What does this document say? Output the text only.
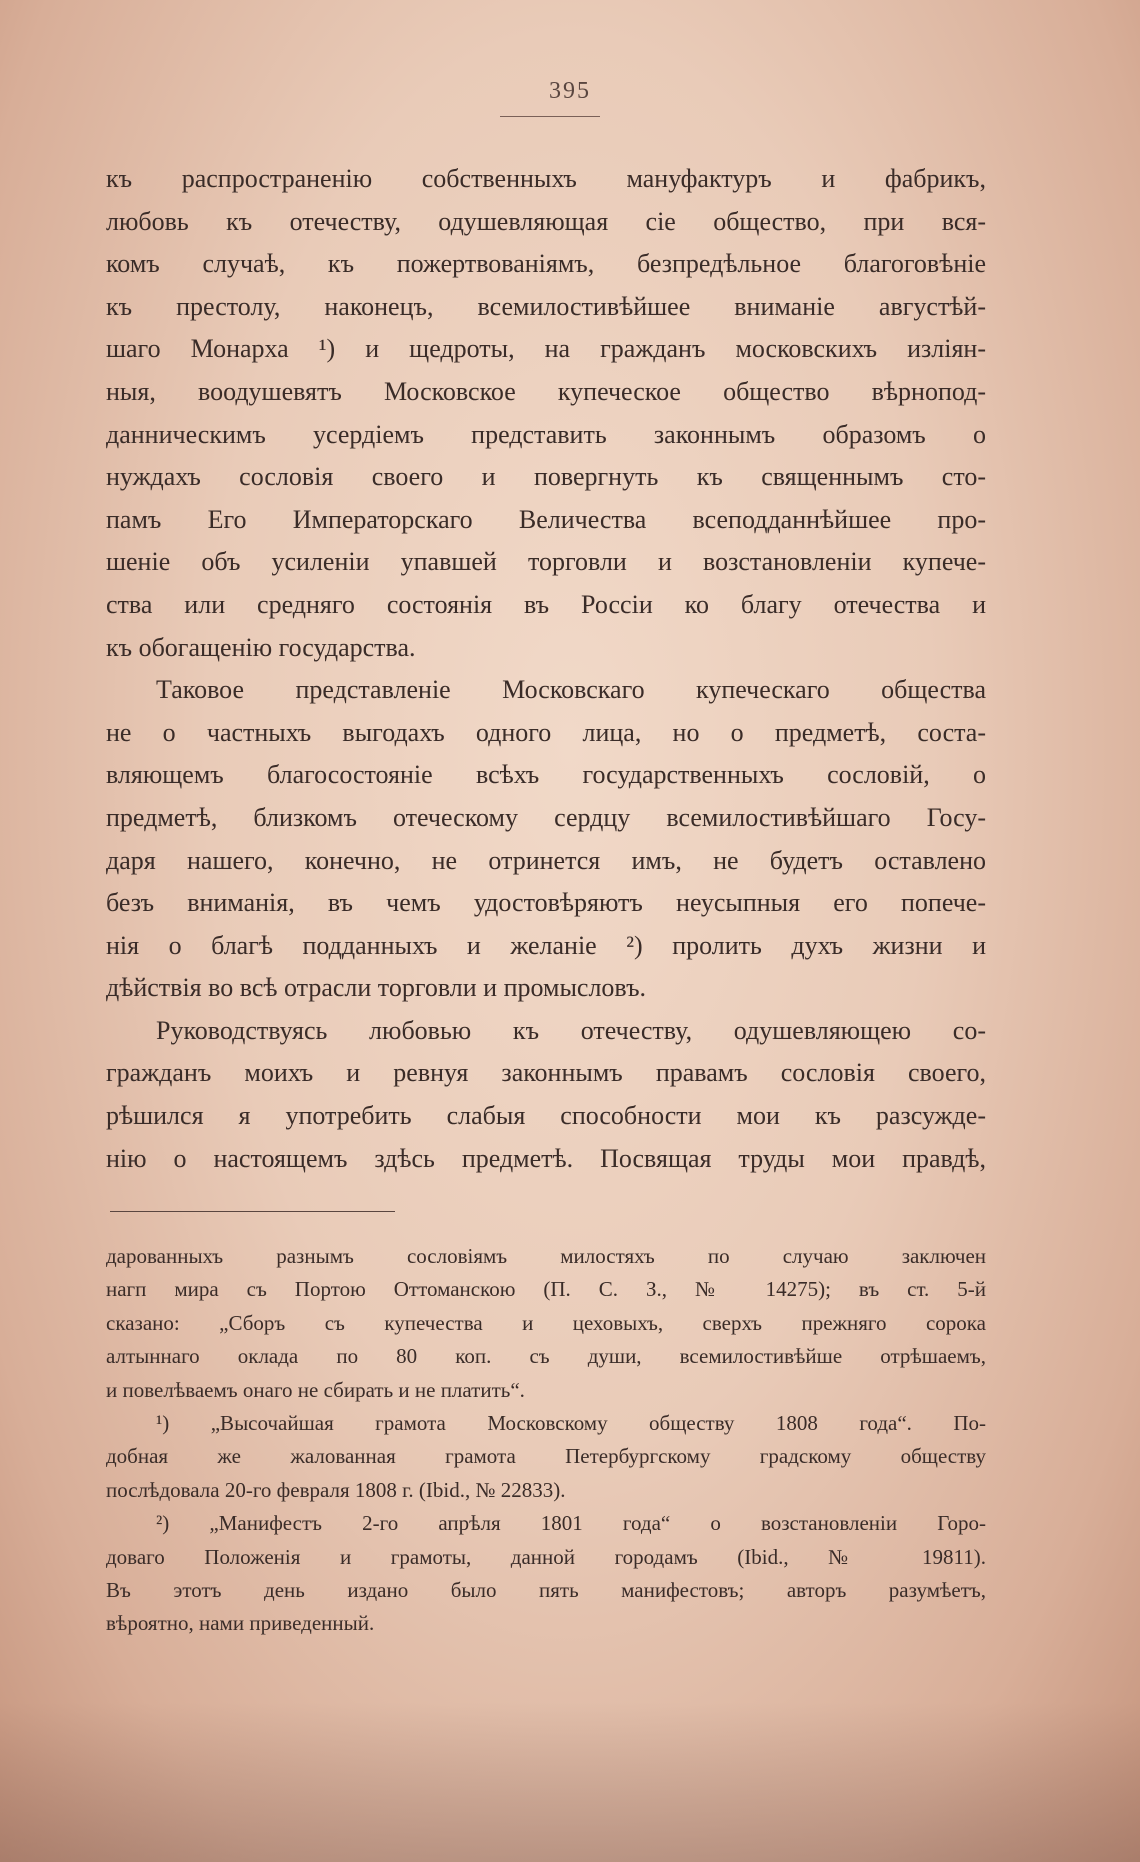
395
къ распространенію собственныхъ мануфактуръ и фабрикъ,
любовь къ отечеству, одушевляющая сіе общество, при вся-
комъ случаѣ, къ пожертвованіямъ, безпредѣльное благоговѣніе
къ престолу, наконецъ, всемилостивѣйшее вниманіе августѣй-
шаго Монарха ¹) и щедроты, на гражданъ московскихъ изліян-
ныя, воодушевятъ Московское купеческое общество вѣрнопод-
данническимъ усердіемъ представить законнымъ образомъ о
нуждахъ сословія своего и повергнуть къ священнымъ сто-
памъ Его Императорскаго Величества всеподданнѣйшее про-
шеніе объ усиленіи упавшей торговли и возстановленіи купече-
ства или средняго состоянія въ Россіи ко благу отечества и
къ обогащенію государства.
Таковое представленіе Московскаго купеческаго общества
не о частныхъ выгодахъ одного лица, но о предметѣ, соста-
вляющемъ благосостояніе всѣхъ государственныхъ сословій, о
предметѣ, близкомъ отеческому сердцу всемилостивѣйшаго Госу-
даря нашего, конечно, не отринется имъ, не будетъ оставлено
безъ вниманія, въ чемъ удостовѣряютъ неусыпныя его попече-
нія о благѣ подданныхъ и желаніе ²) пролить духъ жизни и
дѣйствія во всѣ отрасли торговли и промысловъ.
Руководствуясь любовью къ отечеству, одушевляющею со-
гражданъ моихъ и ревнуя законнымъ правамъ сословія своего,
рѣшился я употребить слабыя способности мои къ разсужде-
нію о настоящемъ здѣсь предметѣ. Посвящая труды мои правдѣ,
дарованныхъ разнымъ сословіямъ милостяхъ по случаю заключен
нагп мира съ Портою Оттоманскою (П. С. З., № 14275); въ ст. 5-й
сказано: „Сборъ съ купечества и цеховыхъ, сверхъ прежняго сорока
алтыннаго оклада по 80 коп. съ души, всемилостивѣйше отрѣшаемъ,
и повелѣваемъ онаго не сбирать и не платить“.
¹) „Высочайшая грамота Московскому обществу 1808 года“. По-
добная же жалованная грамота Петербургскому градскому обществу
послѣдовала 20-го февраля 1808 г. (Ibid., № 22833).
²) „Манифестъ 2-го апрѣля 1801 года“ о возстановленіи Горо-
доваго Положенія и грамоты, данной городамъ (Ibid., № 19811).
Въ этотъ день издано было пять манифестовъ; авторъ разумѣетъ,
вѣроятно, нами приведенный.
